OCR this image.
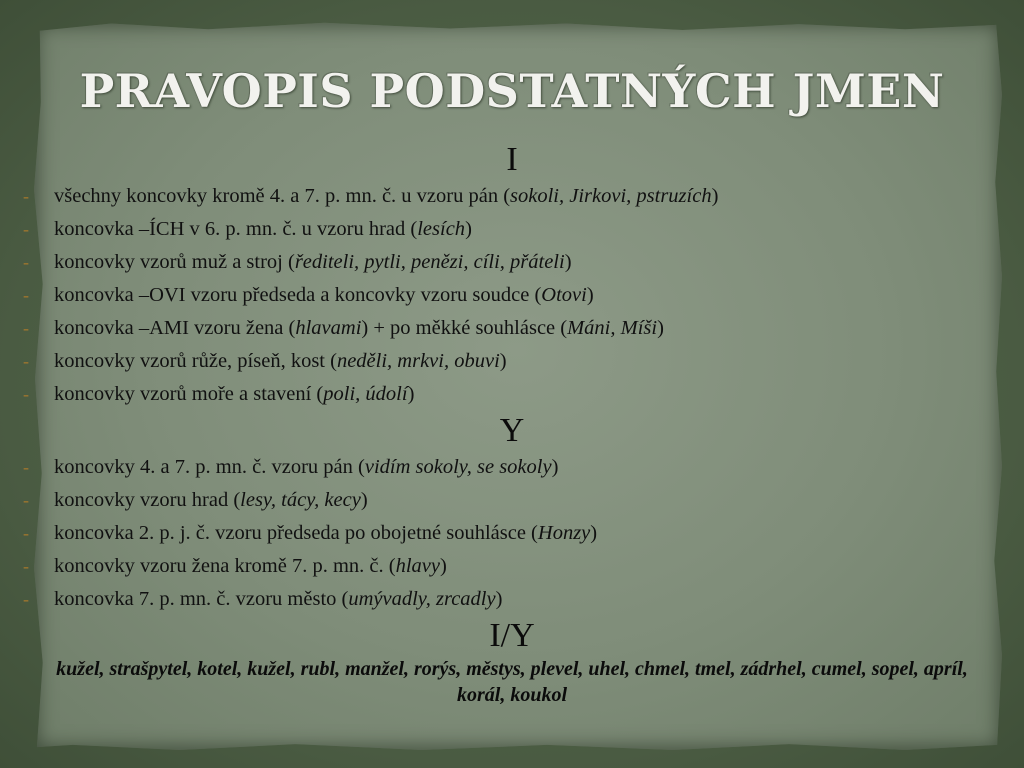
PRAVOPIS PODSTATNÝCH JMEN
I
- všechny koncovky kromě 4. a 7. p. mn. č. u vzoru pán (sokoli, Jirkovi, pstruzích)
- koncovka –ÍCH v 6. p. mn. č. u vzoru hrad (lesích)
- koncovky vzorů muž a stroj (řediteli, pytli, penězi, cíli, přáteli)
- koncovka –OVI vzoru předseda a koncovky vzoru soudce (Otovi)
- koncovka –AMI vzoru žena (hlavami) + po měkké souhlásce (Máni, Míši)
- koncovky vzorů růže, píseň, kost (neděli, mrkvi, obuvi)
- koncovky vzorů moře a stavení (poli, údolí)
Y
- koncovky 4. a 7. p. mn. č. vzoru pán (vidím sokoly, se sokoly)
- koncovky vzoru hrad (lesy, tácy, kecy)
- koncovka 2. p. j. č. vzoru předseda po obojetné souhlásce (Honzy)
- koncovky vzoru žena kromě 7. p. mn. č. (hlavy)
- koncovka 7. p. mn. č. vzoru město (umývadly, zrcadly)
I/Y
kužel, strašpytel, kotel, kužel, rubl, manžel, rorýs, městys, plevel, uhel, chmel, tmel, zádrhel, cumel, sopel, apríl, korál, koukol
